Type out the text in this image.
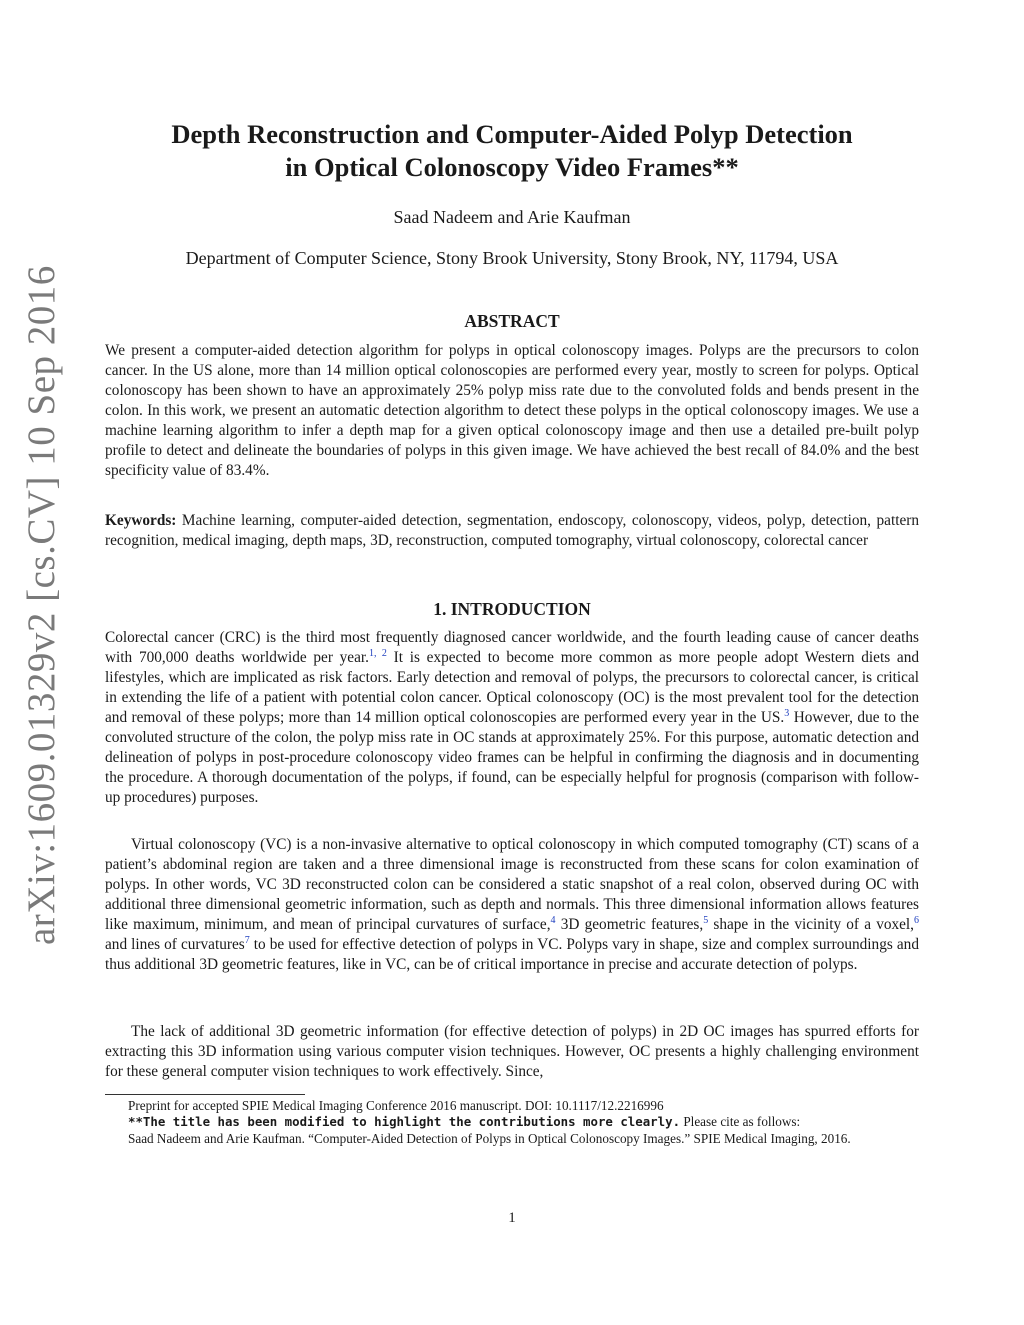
arXiv:1609.01329v2 [cs.CV] 10 Sep 2016
Depth Reconstruction and Computer-Aided Polyp Detection
in Optical Colonoscopy Video Frames**
Saad Nadeem and Arie Kaufman
Department of Computer Science, Stony Brook University, Stony Brook, NY, 11794, USA
ABSTRACT

We present a computer-aided detection algorithm for polyps in optical colonoscopy images. Polyps are the precursors to colon cancer. In the US alone, more than 14 million optical colonoscopies are performed every year, mostly to screen for polyps. Optical colonoscopy has been shown to have an approximately 25% polyp miss rate due to the convoluted folds and bends present in the colon. In this work, we present an automatic detection algorithm to detect these polyps in the optical colonoscopy images. We use a machine learning algorithm to infer a depth map for a given optical colonoscopy image and then use a detailed pre-built polyp profile to detect and delineate the boundaries of polyps in this given image. We have achieved the best recall of 84.0% and the best specificity value of 83.4%.

Keywords: Machine learning, computer-aided detection, segmentation, endoscopy, colonoscopy, videos, polyp, detection, pattern recognition, medical imaging, depth maps, 3D, reconstruction, computed tomography, virtual colonoscopy, colorectal cancer

1. INTRODUCTION

Colorectal cancer (CRC) is the third most frequently diagnosed cancer worldwide, and the fourth leading cause of cancer deaths with 700,000 deaths worldwide per year.$^{1, 2}$ It is expected to become more common as more people adopt Western diets and lifestyles, which are implicated as risk factors. Early detection and removal of polyps, the precursors to colorectal cancer, is critical in extending the life of a patient with potential colon cancer. Optical colonoscopy (OC) is the most prevalent tool for the detection and removal of these polyps; more than 14 million optical colonoscopies are performed every year in the US.$^3$ However, due to the convoluted structure of the colon, the polyp miss rate in OC stands at approximately 25%. For this purpose, automatic detection and delineation of polyps in post-procedure colonoscopy video frames can be helpful in confirming the diagnosis and in documenting the procedure. A thorough documentation of the polyps, if found, can be especially helpful for prognosis (comparison with follow-up procedures) purposes.

Virtual colonoscopy (VC) is a non-invasive alternative to optical colonoscopy in which computed tomography (CT) scans of a patient’s abdominal region are taken and a three dimensional image is reconstructed from these scans for colon examination of polyps. In other words, VC 3D reconstructed colon can be considered a static snapshot of a real colon, observed during OC with additional three dimensional geometric information, such as depth and normals. This three dimensional information allows features like maximum, minimum, and mean of principal curvatures of surface,$^4$ 3D geometric features,$^5$ shape in the vicinity of a voxel,$^6$ and lines of curvatures$^7$ to be used for effective detection of polyps in VC. Polyps vary in shape, size and complex surroundings and thus additional 3D geometric features, like in VC, can be of critical importance in precise and accurate detection of polyps.

The lack of additional 3D geometric information (for effective detection of polyps) in 2D OC images has spurred efforts for extracting this 3D information using various computer vision techniques. However, OC presents a highly challenging environment for these general computer vision techniques to work effectively. Since,

Preprint for accepted SPIE Medical Imaging Conference 2016 manuscript. DOI: 10.1117/12.2216996

**The title has been modified to highlight the contributions more clearly. Please cite as follows:

Saad Nadeem and Arie Kaufman. “Computer-Aided Detection of Polyps in Optical Colonoscopy Images.” SPIE Medical Imaging, 2016.

1
